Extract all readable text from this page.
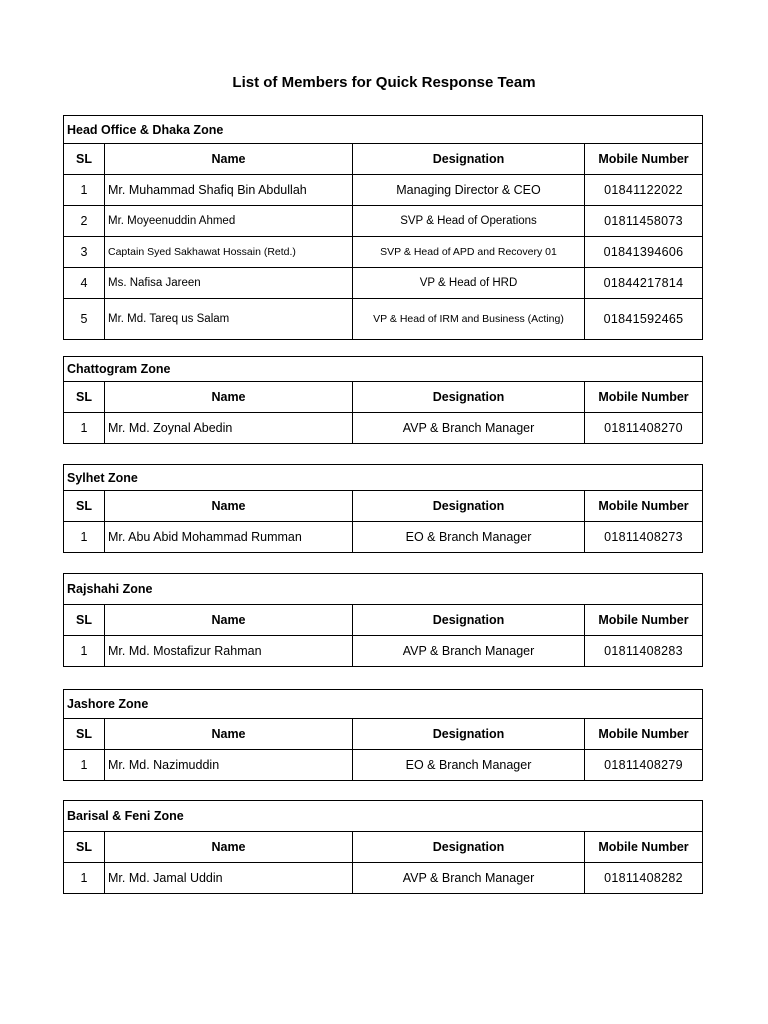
List of Members for Quick Response Team
Head Office & Dhaka Zone			
SL	Name	Designation	Mobile Number
1	Mr. Muhammad Shafiq Bin Abdullah	Managing Director & CEO	01841122022
2	Mr. Moyeenuddin Ahmed	SVP & Head of Operations	01811458073
3	Captain Syed Sakhawat Hossain (Retd.)	SVP & Head of APD and Recovery 01	01841394606
4	Ms. Nafisa Jareen	VP & Head of HRD	01844217814
5	Mr. Md. Tareq us Salam	VP & Head of IRM and Business (Acting)	01841592465
Chattogram Zone			
SL	Name	Designation	Mobile Number
1	Mr. Md. Zoynal Abedin	AVP & Branch Manager	01811408270
Sylhet Zone			
SL	Name	Designation	Mobile Number
1	Mr. Abu Abid Mohammad Rumman	EO & Branch Manager	01811408273
Rajshahi Zone			
SL	Name	Designation	Mobile Number
1	Mr. Md. Mostafizur Rahman	AVP & Branch Manager	01811408283
Jashore Zone			
SL	Name	Designation	Mobile Number
1	Mr. Md. Nazimuddin	EO & Branch Manager	01811408279
Barisal & Feni Zone			
SL	Name	Designation	Mobile Number
1	Mr. Md. Jamal Uddin	AVP & Branch Manager	01811408282
